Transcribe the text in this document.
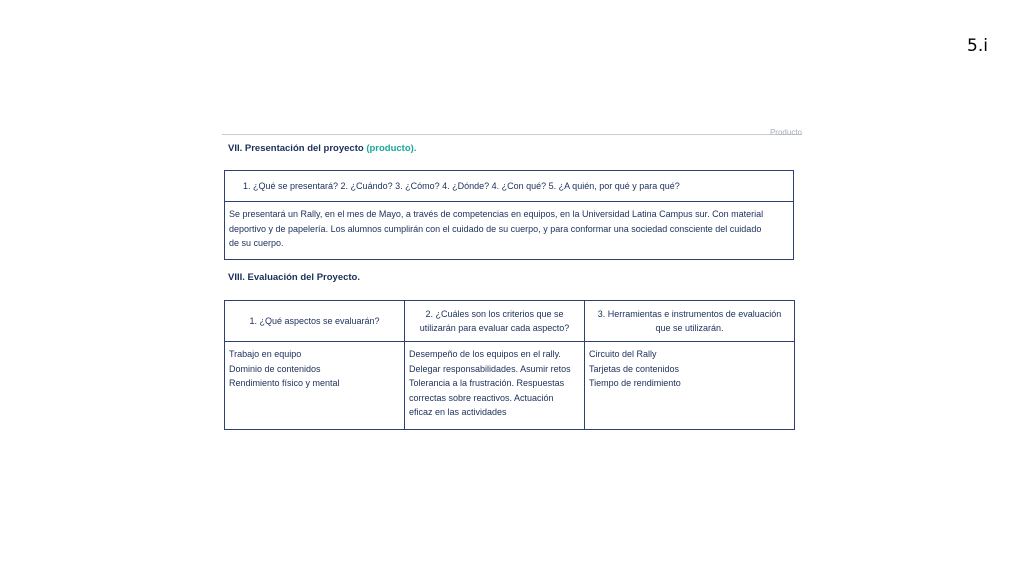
5.i
Producto
VII. Presentación del proyecto (producto).
1. ¿Qué se presentará? 2. ¿Cuándo? 3. ¿Cómo? 4. ¿Dónde? 4. ¿Con qué? 5. ¿A quién, por qué y para qué?

Se presentará un Rally, en el mes de Mayo, a través de competencias en equipos, en la Universidad Latina Campus sur. Con material
deportivo y de papelería. Los alumnos cumplirán con el cuidado de su cuerpo, y para conformar una sociedad consciente del cuidado
de su cuerpo.
VIII. Evaluación del Proyecto.
1. ¿Qué aspectos se evaluarán?	2. ¿Cuáles son los criterios que se utilizarán para evaluar cada aspecto?	3. Herramientas e instrumentos de evaluación que se utilizarán.

Trabajo en equipo
Dominio de contenidos
Rendimiento físico y mental	Desempeño de los equipos en el rally.
Delegar responsabilidades. Asumir retos
Tolerancia a la frustración. Respuestas
correctas sobre reactivos. Actuación
eficaz en las actividades	Circuito del Rally
Tarjetas de contenidos
Tiempo de rendimiento
